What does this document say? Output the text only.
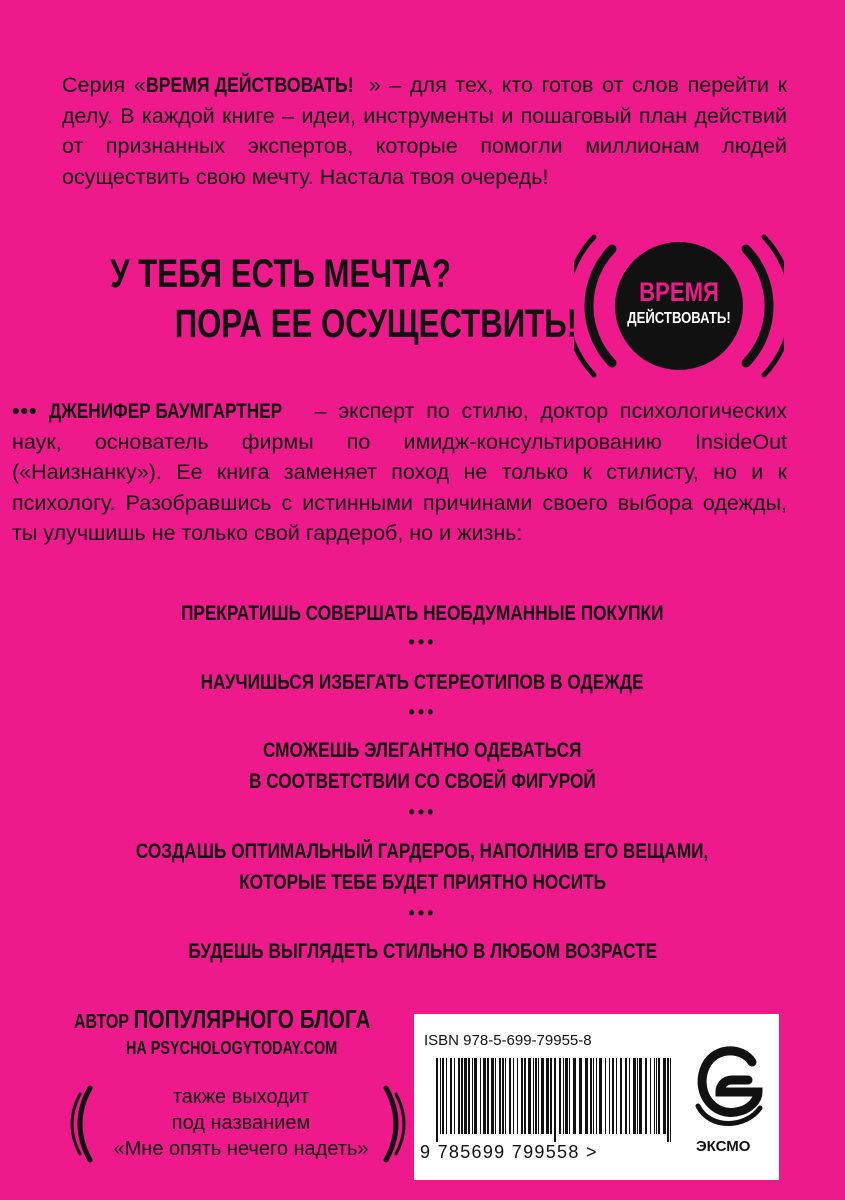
Серия «ВРЕМЯ ДЕЙСТВОВАТЬ! » – для тех, кто готов от слов перейти к делу. В каждой книге – идеи, инструменты и пошаговый план действий от признанных экспертов, которые помогли миллионам людей осуществить свою мечту. Настала твоя очередь!
У ТЕБЯ ЕСТЬ МЕЧТА?
ПОРА ЕЕ ОСУЩЕСТВИТЬ!
ВРЕМЯ
ДЕЙСТВОВАТЬ!
••• ДЖЕНИФЕР БАУМГАРТНЕР – эксперт по стилю, доктор психологических наук, основатель фирмы по имидж-консультированию InsideOut («Наизнанку»). Ее книга заменяет поход не только к стилисту, но и к психологу. Разобравшись с истинными причинами своего выбора одежды, ты улучшишь не только свой гардероб, но и жизнь:
ПРЕКРАТИШЬ СОВЕРШАТЬ НЕОБДУМАННЫЕ ПОКУПКИ
•••
НАУЧИШЬСЯ ИЗБЕГАТЬ СТЕРЕОТИПОВ В ОДЕЖДЕ
•••
СМОЖЕШЬ ЭЛЕГАНТНО ОДЕВАТЬСЯ
В СООТВЕТСТВИИ СО СВОЕЙ ФИГУРОЙ
•••
СОЗДАШЬ ОПТИМАЛЬНЫЙ ГАРДЕРОБ, НАПОЛНИВ ЕГО ВЕЩАМИ,
КОТОРЫЕ ТЕБЕ БУДЕТ ПРИЯТНО НОСИТЬ
•••
БУДЕШЬ ВЫГЛЯДЕТЬ СТИЛЬНО В ЛЮБОМ ВОЗРАСТЕ
АВТОР ПОПУЛЯРНОГО БЛОГА
НА PSYCHOLOGYTODAY.COM
также выходит
под названием
«Мне опять нечего надеть»
ISBN 978-5-699-79955-8
9 785699 799558 >	ЭКСМО
